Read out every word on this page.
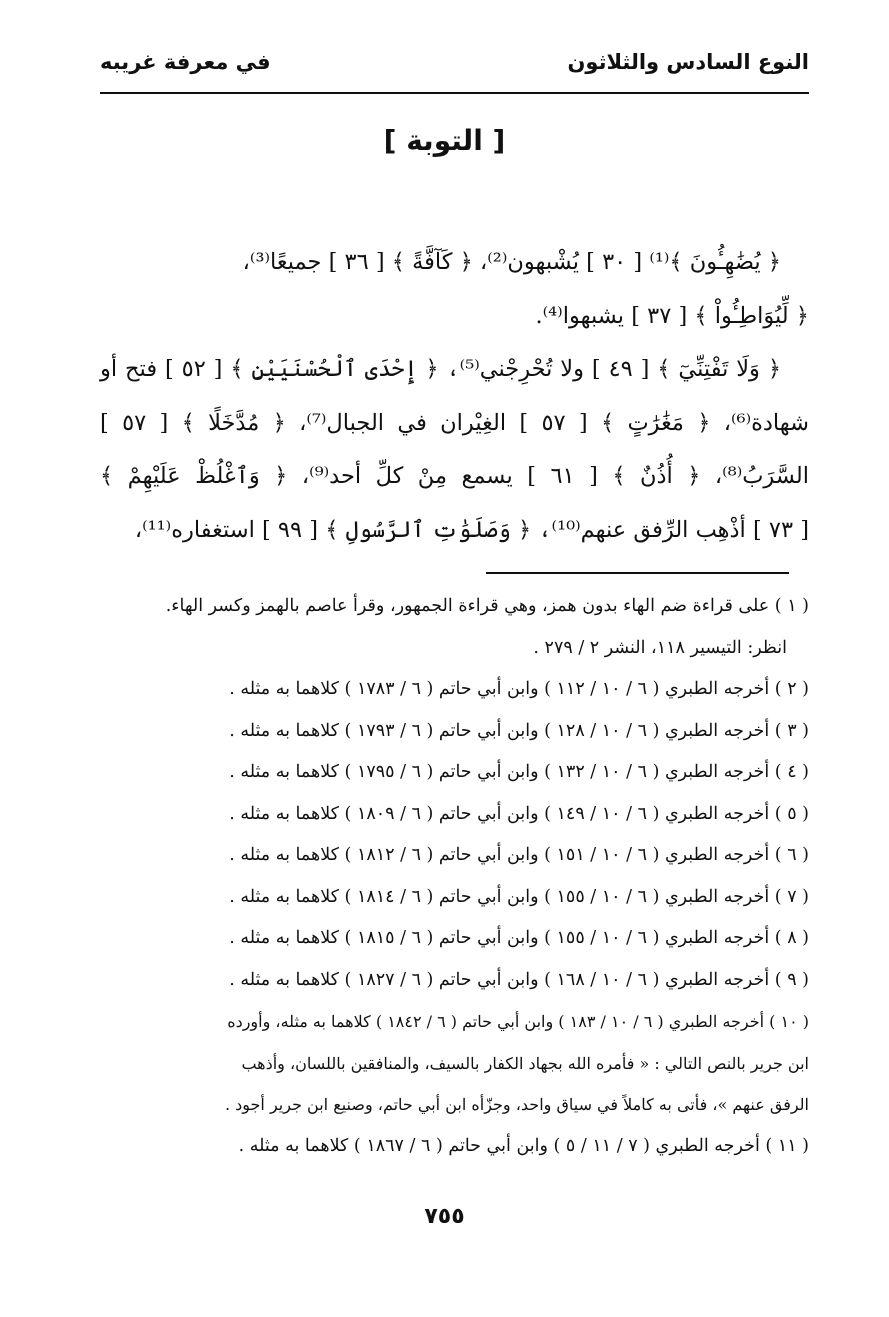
النوع السادس والثلاثون
في معرفة غريبه
[ التوبة ]

﴿ يُضَٰهِـُٔونَ ﴾⁽¹⁾ [ ٣٠ ] يُشْبهون⁽²⁾، ﴿ كَآفَّةً ﴾ [ ٣٦ ] جميعًا⁽³⁾،

﴿ لِّيُوَاطِـُٔواْ ﴾ [ ٣٧ ] يشبهوا⁽⁴⁾.

﴿ وَلَا تَفْتِنِّيٓ ﴾ [ ٤٩ ] ولا تُحْرِجْني⁽⁵⁾، ﴿ إِحْدَى ٱلْحُسْنَيَيْنِ ﴾ [ ٥٢ ] فتح أو شهادة⁽⁶⁾، ﴿ مَغَٰرَٰتٍ ﴾ [ ٥٧ ] الغِيْران في الجبال⁽⁷⁾، ﴿ مُدَّخَلًا ﴾ [ ٥٧ ] السَّرَبُ⁽⁸⁾، ﴿ أُذُنٌ ﴾ [ ٦١ ] يسمع مِنْ كلِّ أحد⁽⁹⁾، ﴿ وَٱغْلُظْ عَلَيْهِمْ ﴾ [ ٧٣ ] أذْهِب الرِّفق عنهم⁽¹⁰⁾، ﴿ وَصَلَوَٰتِ ٱلرَّسُولِ ﴾ [ ٩٩ ] استغفاره⁽¹¹⁾،

( ١ ) على قراءة ضم الهاء بدون همز، وهي قراءة الجمهور، وقرأ عاصم بالهمز وكسر الهاء.

انظر: التيسير ١١٨، النشر ٢ / ٢٧٩ .

( ٢ ) أخرجه الطبري ( ٦ / ١٠ / ١١٢ ) وابن أبي حاتم ( ٦ / ١٧٨٣ ) كلاهما به مثله .

( ٣ ) أخرجه الطبري ( ٦ / ١٠ / ١٢٨ ) وابن أبي حاتم ( ٦ / ١٧٩٣ ) كلاهما به مثله .

( ٤ ) أخرجه الطبري ( ٦ / ١٠ / ١٣٢ ) وابن أبي حاتم ( ٦ / ١٧٩٥ ) كلاهما به مثله .

( ٥ ) أخرجه الطبري ( ٦ / ١٠ / ١٤٩ ) وابن أبي حاتم ( ٦ / ١٨٠٩ ) كلاهما به مثله .

( ٦ ) أخرجه الطبري ( ٦ / ١٠ / ١٥١ ) وابن أبي حاتم ( ٦ / ١٨١٢ ) كلاهما به مثله .

( ٧ ) أخرجه الطبري ( ٦ / ١٠ / ١٥٥ ) وابن أبي حاتم ( ٦ / ١٨١٤ ) كلاهما به مثله .

( ٨ ) أخرجه الطبري ( ٦ / ١٠ / ١٥٥ ) وابن أبي حاتم ( ٦ / ١٨١٥ ) كلاهما به مثله .

( ٩ ) أخرجه الطبري ( ٦ / ١٠ / ١٦٨ ) وابن أبي حاتم ( ٦ / ١٨٢٧ ) كلاهما به مثله .

( ١٠ ) أخرجه الطبري ( ٦ / ١٠ / ١٨٣ ) وابن أبي حاتم ( ٦ / ١٨٤٢ ) كلاهما به مثله، وأورده

ابن جرير بالنص التالي : « فأمره الله بجهاد الكفار بالسيف، والمنافقين باللسان، وأذهب

الرفق عنهم »، فأتى به كاملاً في سياق واحد، وجزّأه ابن أبي حاتم، وصنيع ابن جرير أجود .

( ١١ ) أخرجه الطبري ( ٧ / ١١ / ٥ ) وابن أبي حاتم ( ٦ / ١٨٦٧ ) كلاهما به مثله .

٧٥٥
